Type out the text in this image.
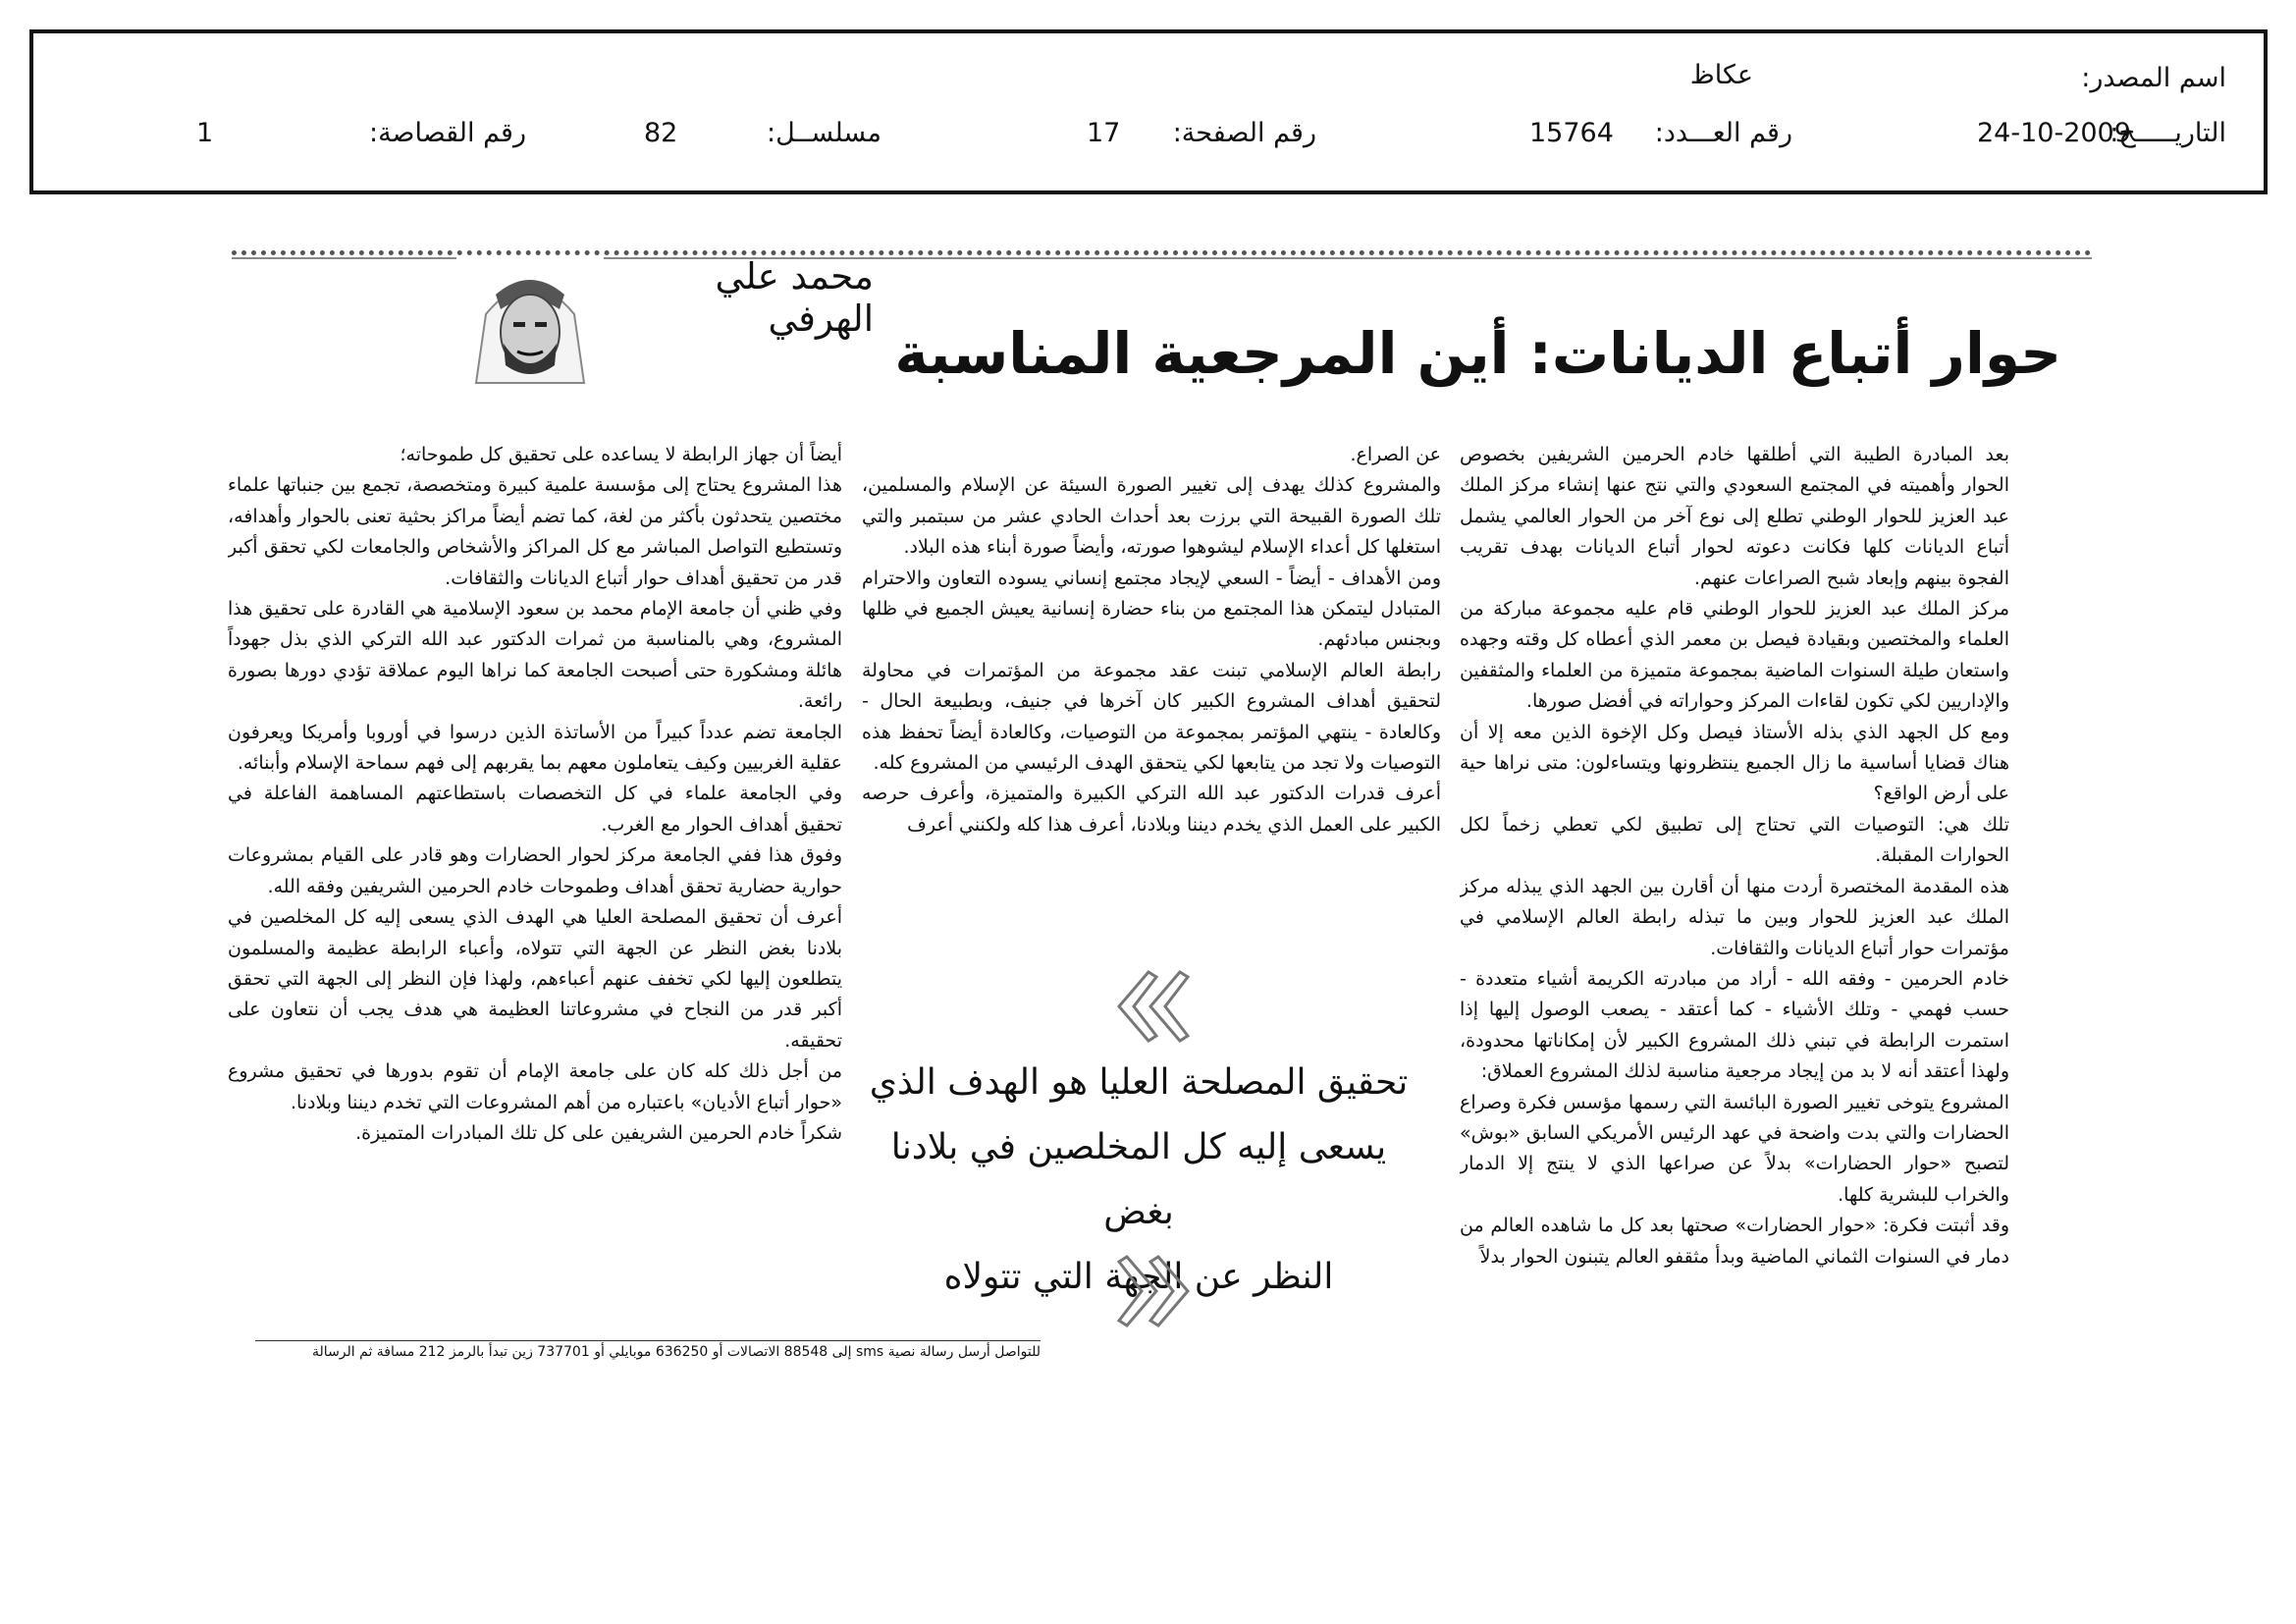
اسم المصدر:
عكاظ
التاريـــــخ:
24-10-2009
رقم العـــدد:
15764
رقم الصفحة:
17
مسلســل:
82
رقم القصاصة:
1
محمد علي الهرفي
حوار أتباع الديانات: أين المرجعية المناسبة

بعد المبادرة الطيبة التي أطلقها خادم الحرمين الشريفين بخصوص الحوار وأهميته في المجتمع السعودي والتي نتج عنها إنشاء مركز الملك عبد العزيز للحوار الوطني تطلع إلى نوع آخر من الحوار العالمي يشمل أتباع الديانات كلها فكانت دعوته لحوار أتباع الديانات بهدف تقريب الفجوة بينهم وإبعاد شبح الصراعات عنهم.

مركز الملك عبد العزيز للحوار الوطني قام عليه مجموعة مباركة من العلماء والمختصين وبقيادة فيصل بن معمر الذي أعطاه كل وقته وجهده واستعان طيلة السنوات الماضية بمجموعة متميزة من العلماء والمثقفين والإداريين لكي تكون لقاءات المركز وحواراته في أفضل صورها.

ومع كل الجهد الذي بذله الأستاذ فيصل وكل الإخوة الذين معه إلا أن هناك قضايا أساسية ما زال الجميع ينتظرونها ويتساءلون: متى نراها حية على أرض الواقع؟

تلك هي: التوصيات التي تحتاج إلى تطبيق لكي تعطي زخماً لكل الحوارات المقبلة.

هذه المقدمة المختصرة أردت منها أن أقارن بين الجهد الذي يبذله مركز الملك عبد العزيز للحوار وبين ما تبذله رابطة العالم الإسلامي في مؤتمرات حوار أتباع الديانات والثقافات.

خادم الحرمين - وفقه الله - أراد من مبادرته الكريمة أشياء متعددة - حسب فهمي - وتلك الأشياء - كما أعتقد - يصعب الوصول إليها إذا استمرت الرابطة في تبني ذلك المشروع الكبير لأن إمكاناتها محدودة، ولهذا أعتقد أنه لا بد من إيجاد مرجعية مناسبة لذلك المشروع العملاق:

المشروع يتوخى تغيير الصورة البائسة التي رسمها مؤسس فكرة وصراع الحضارات والتي بدت واضحة في عهد الرئيس الأمريكي السابق «بوش» لتصبح «حوار الحضارات» بدلاً عن صراعها الذي لا ينتج إلا الدمار والخراب للبشرية كلها.

وقد أثبتت فكرة: «حوار الحضارات» صحتها بعد كل ما شاهده العالم من دمار في السنوات الثماني الماضية وبدأ مثقفو العالم يتبنون الحوار بدلاً

عن الصراع.

والمشروع كذلك يهدف إلى تغيير الصورة السيئة عن الإسلام والمسلمين، تلك الصورة القبيحة التي برزت بعد أحداث الحادي عشر من سبتمبر والتي استغلها كل أعداء الإسلام ليشوهوا صورته، وأيضاً صورة أبناء هذه البلاد.

ومن الأهداف - أيضاً - السعي لإيجاد مجتمع إنساني يسوده التعاون والاحترام المتبادل ليتمكن هذا المجتمع من بناء حضارة إنسانية يعيش الجميع في ظلها وبجنس مبادئهم.

رابطة العالم الإسلامي تبنت عقد مجموعة من المؤتمرات في محاولة لتحقيق أهداف المشروع الكبير كان آخرها في جنيف، وبطبيعة الحال - وكالعادة - ينتهي المؤتمر بمجموعة من التوصيات، وكالعادة أيضاً تحفظ هذه التوصيات ولا تجد من يتابعها لكي يتحقق الهدف الرئيسي من المشروع كله.

أعرف قدرات الدكتور عبد الله التركي الكبيرة والمتميزة، وأعرف حرصه الكبير على العمل الذي يخدم ديننا وبلادنا، أعرف هذا كله ولكنني أعرف

تحقيق المصلحة العليا هو الهدف الذي
يسعى إليه كل المخلصين في بلادنا بغض
النظر عن الجهة التي تتولاه

أيضاً أن جهاز الرابطة لا يساعده على تحقيق كل طموحاته؛

هذا المشروع يحتاج إلى مؤسسة علمية كبيرة ومتخصصة، تجمع بين جنباتها علماء مختصين يتحدثون بأكثر من لغة، كما تضم أيضاً مراكز بحثية تعنى بالحوار وأهدافه، وتستطيع التواصل المباشر مع كل المراكز والأشخاص والجامعات لكي تحقق أكبر قدر من تحقيق أهداف حوار أتباع الديانات والثقافات.

وفي ظني أن جامعة الإمام محمد بن سعود الإسلامية هي القادرة على تحقيق هذا المشروع، وهي بالمناسبة من ثمرات الدكتور عبد الله التركي الذي بذل جهوداً هائلة ومشكورة حتى أصبحت الجامعة كما نراها اليوم عملاقة تؤدي دورها بصورة رائعة.

الجامعة تضم عدداً كبيراً من الأساتذة الذين درسوا في أوروبا وأمريكا ويعرفون عقلية الغربيين وكيف يتعاملون معهم بما يقربهم إلى فهم سماحة الإسلام وأبنائه.

وفي الجامعة علماء في كل التخصصات باستطاعتهم المساهمة الفاعلة في تحقيق أهداف الحوار مع الغرب.

وفوق هذا ففي الجامعة مركز لحوار الحضارات وهو قادر على القيام بمشروعات حوارية حضارية تحقق أهداف وطموحات خادم الحرمين الشريفين وفقه الله.

أعرف أن تحقيق المصلحة العليا هي الهدف الذي يسعى إليه كل المخلصين في بلادنا بغض النظر عن الجهة التي تتولاه، وأعباء الرابطة عظيمة والمسلمون يتطلعون إليها لكي تخفف عنهم أعباءهم، ولهذا فإن النظر إلى الجهة التي تحقق أكبر قدر من النجاح في مشروعاتنا العظيمة هي هدف يجب أن نتعاون على تحقيقه.

من أجل ذلك كله كان على جامعة الإمام أن تقوم بدورها في تحقيق مشروع «حوار أتباع الأديان» باعتباره من أهم المشروعات التي تخدم ديننا وبلادنا.

شكراً خادم الحرمين الشريفين على كل تلك المبادرات المتميزة.

للتواصل أرسل رسالة نصية sms إلى 88548 الاتصالات أو 636250 موبايلي أو 737701 زين تبدأ بالرمز 212 مسافة ثم الرسالة
